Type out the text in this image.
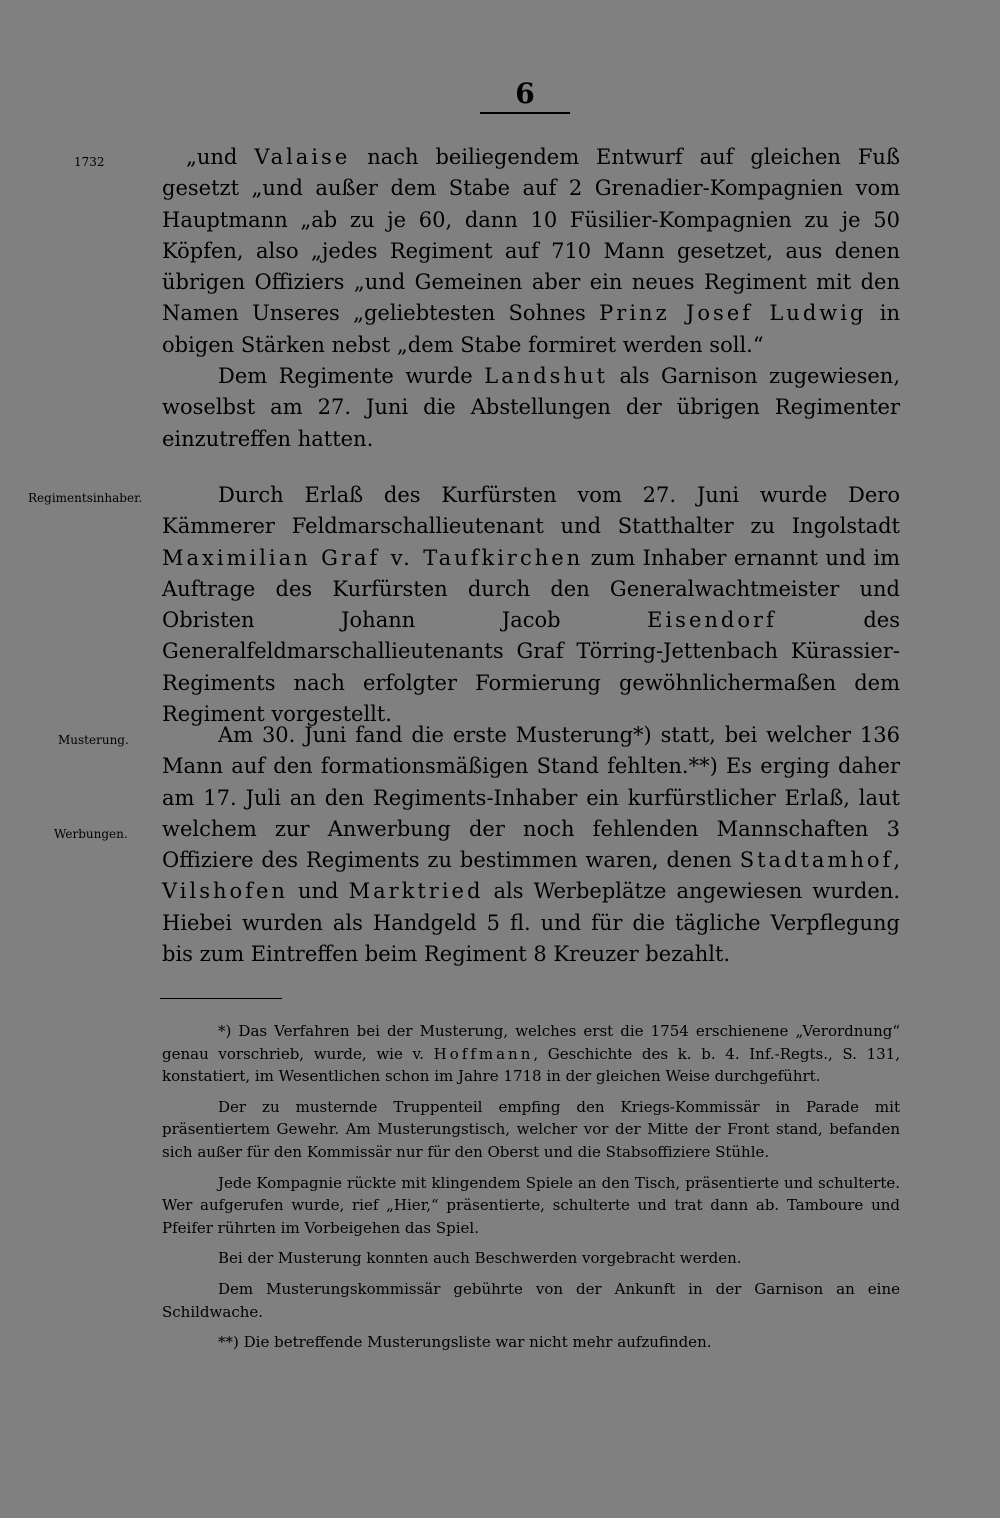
6
1732
Regimentsinhaber.
Musterung.
Werbungen.

„und Valaise nach beiliegendem Entwurf auf gleichen Fuß gesetzt „und außer dem Stabe auf 2 Grenadier-Kompagnien vom Hauptmann „ab zu je 60, dann 10 Füsilier-Kompagnien zu je 50 Köpfen, also „jedes Regiment auf 710 Mann gesetzet, aus denen übrigen Offiziers „und Gemeinen aber ein neues Regiment mit den Namen Unseres „geliebtesten Sohnes Prinz Josef Ludwig in obigen Stärken nebst „dem Stabe formiret werden soll.“

Dem Regimente wurde Landshut als Garnison zugewiesen, woselbst am 27. Juni die Abstellungen der übrigen Regimenter einzutreffen hatten.

Durch Erlaß des Kurfürsten vom 27. Juni wurde Dero Kämmerer Feldmarschallieutenant und Statthalter zu Ingolstadt Maximilian Graf v. Taufkirchen zum Inhaber ernannt und im Auftrage des Kurfürsten durch den Generalwachtmeister und Obristen Johann Jacob Eisendorf des Generalfeldmarschallieutenants Graf Törring-Jettenbach Kürassier-Regiments nach erfolgter Formierung gewöhnlichermaßen dem Regiment vorgestellt.

Am 30. Juni fand die erste Musterung*) statt, bei welcher 136 Mann auf den formationsmäßigen Stand fehlten.**) Es erging daher am 17. Juli an den Regiments-Inhaber ein kurfürstlicher Erlaß, laut welchem zur Anwerbung der noch fehlenden Mannschaften 3 Offiziere des Regiments zu bestimmen waren, denen Stadtamhof, Vilshofen und Marktried als Werbeplätze angewiesen wurden. Hiebei wurden als Handgeld 5 fl. und für die tägliche Verpflegung bis zum Eintreffen beim Regiment 8 Kreuzer bezahlt.

*) Das Verfahren bei der Musterung, welches erst die 1754 erschienene „Verordnung“ genau vorschrieb, wurde, wie v. Hoffmann, Geschichte des k. b. 4. Inf.-Regts., S. 131, konstatiert, im Wesentlichen schon im Jahre 1718 in der gleichen Weise durchgeführt.

Der zu musternde Truppenteil empfing den Kriegs-Kommissär in Parade mit präsentiertem Gewehr. Am Musterungstisch, welcher vor der Mitte der Front stand, befanden sich außer für den Kommissär nur für den Oberst und die Stabsoffiziere Stühle.

Jede Kompagnie rückte mit klingendem Spiele an den Tisch, präsentierte und schulterte. Wer aufgerufen wurde, rief „Hier,“ präsentierte, schulterte und trat dann ab. Tamboure und Pfeifer rührten im Vorbeigehen das Spiel.

Bei der Musterung konnten auch Beschwerden vorgebracht werden.

Dem Musterungskommissär gebührte von der Ankunft in der Garnison an eine Schildwache.

**) Die betreffende Musterungsliste war nicht mehr aufzufinden.
